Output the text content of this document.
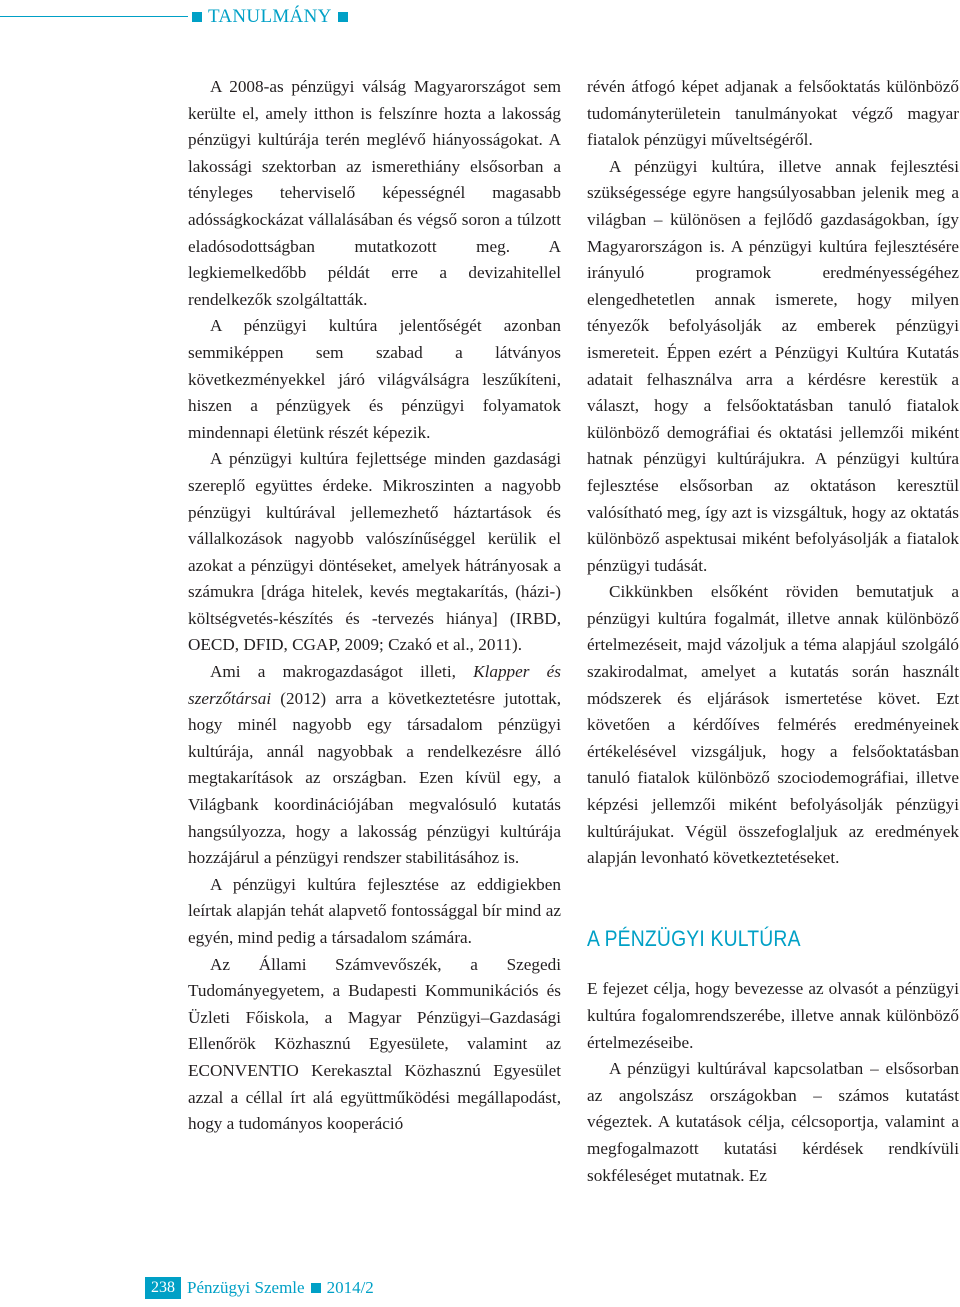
TANULMÁNY

A 2008-as pénzügyi válság Magyarországot sem kerülte el, amely itthon is felszínre hozta a lakosság pénzügyi kultúrája terén meglévő hiányosságokat. A lakossági szektorban az ismerethiány elsősorban a tényleges teherviselő képességnél magasabb adósságkockázat vállalásában és végső soron a túlzott eladósodottságban mutatkozott meg. A legkiemelkedőbb példát erre a devizahitellel rendelkezők szolgáltatták.

A pénzügyi kultúra jelentőségét azonban semmiképpen sem szabad a látványos következményekkel járó világválságra leszűkíteni, hiszen a pénzügyek és pénzügyi folyamatok mindennapi életünk részét képezik.

A pénzügyi kultúra fejlettsége minden gazdasági szereplő együttes érdeke. Mikroszinten a nagyobb pénzügyi kultúrával jellemezhető háztartások és vállalkozások nagyobb valószínűséggel kerülik el azokat a pénzügyi döntéseket, amelyek hátrányosak a számukra [drága hitelek, kevés megtakarítás, (házi-) költségvetés-készítés és -tervezés hiánya] (IRBD, OECD, DFID, CGAP, 2009; Czakó et al., 2011).

Ami a makrogazdaságot illeti, Klapper és szerzőtársai (2012) arra a következtetésre jutottak, hogy minél nagyobb egy társadalom pénzügyi kultúrája, annál nagyobbak a rendelkezésre álló megtakarítások az országban. Ezen kívül egy, a Világbank koordinációjában megvalósuló kutatás hangsúlyozza, hogy a lakosság pénzügyi kultúrája hozzájárul a pénzügyi rendszer stabilitásához is.

A pénzügyi kultúra fejlesztése az eddigiekben leírtak alapján tehát alapvető fontossággal bír mind az egyén, mind pedig a társadalom számára.

Az Állami Számvevőszék, a Szegedi Tudományegyetem, a Budapesti Kommunikációs és Üzleti Főiskola, a Magyar Pénzügyi–Gazdasági Ellenőrök Közhasznú Egyesülete, valamint az ECONVENTIO Kerekasztal Közhasznú Egyesület azzal a céllal írt alá együttműködési megállapodást, hogy a tudományos kooperáció

révén átfogó képet adjanak a felsőoktatás különböző tudományterületein tanulmányokat végző magyar fiatalok pénzügyi műveltségéről.

A pénzügyi kultúra, illetve annak fejlesztési szükségessége egyre hangsúlyosabban jelenik meg a világban – különösen a fejlődő gazdaságokban, így Magyarországon is. A pénzügyi kultúra fejlesztésére irányuló programok eredményességéhez elengedhetetlen annak ismerete, hogy milyen tényezők befolyásolják az emberek pénzügyi ismereteit. Éppen ezért a Pénzügyi Kultúra Kutatás adatait felhasználva arra a kérdésre kerestük a választ, hogy a felsőoktatásban tanuló fiatalok különböző demográfiai és oktatási jellemzői miként hatnak pénzügyi kultúrájukra. A pénzügyi kultúra fejlesztése elsősorban az oktatáson keresztül valósítható meg, így azt is vizsgáltuk, hogy az oktatás különböző aspektusai miként befolyásolják a fiatalok pénzügyi tudását.

Cikkünkben elsőként röviden bemutatjuk a pénzügyi kultúra fogalmát, illetve annak különböző értelmezéseit, majd vázoljuk a téma alapjául szolgáló szakirodalmat, amelyet a kutatás során használt módszerek és eljárások ismertetése követ. Ezt követően a kérdőíves felmérés eredményeinek értékelésével vizsgáljuk, hogy a felsőoktatásban tanuló fiatalok különböző szociodemográfiai, illetve képzési jellemzői miként befolyásolják pénzügyi kultúrájukat. Végül összefoglaljuk az eredmények alapján levonható következtetéseket.

A PÉNZÜGYI KULTÚRA

E fejezet célja, hogy bevezesse az olvasót a pénzügyi kultúra fogalomrendszerébe, illetve annak különböző értelmezéseibe.

A pénzügyi kultúrával kapcsolatban – elsősorban az angolszász országokban – számos kutatást végeztek. A kutatások célja, célcsoportja, valamint a megfogalmazott kutatási kérdések rendkívüli sokféleséget mutatnak. Ez

238 Pénzügyi Szemle 2014/2
